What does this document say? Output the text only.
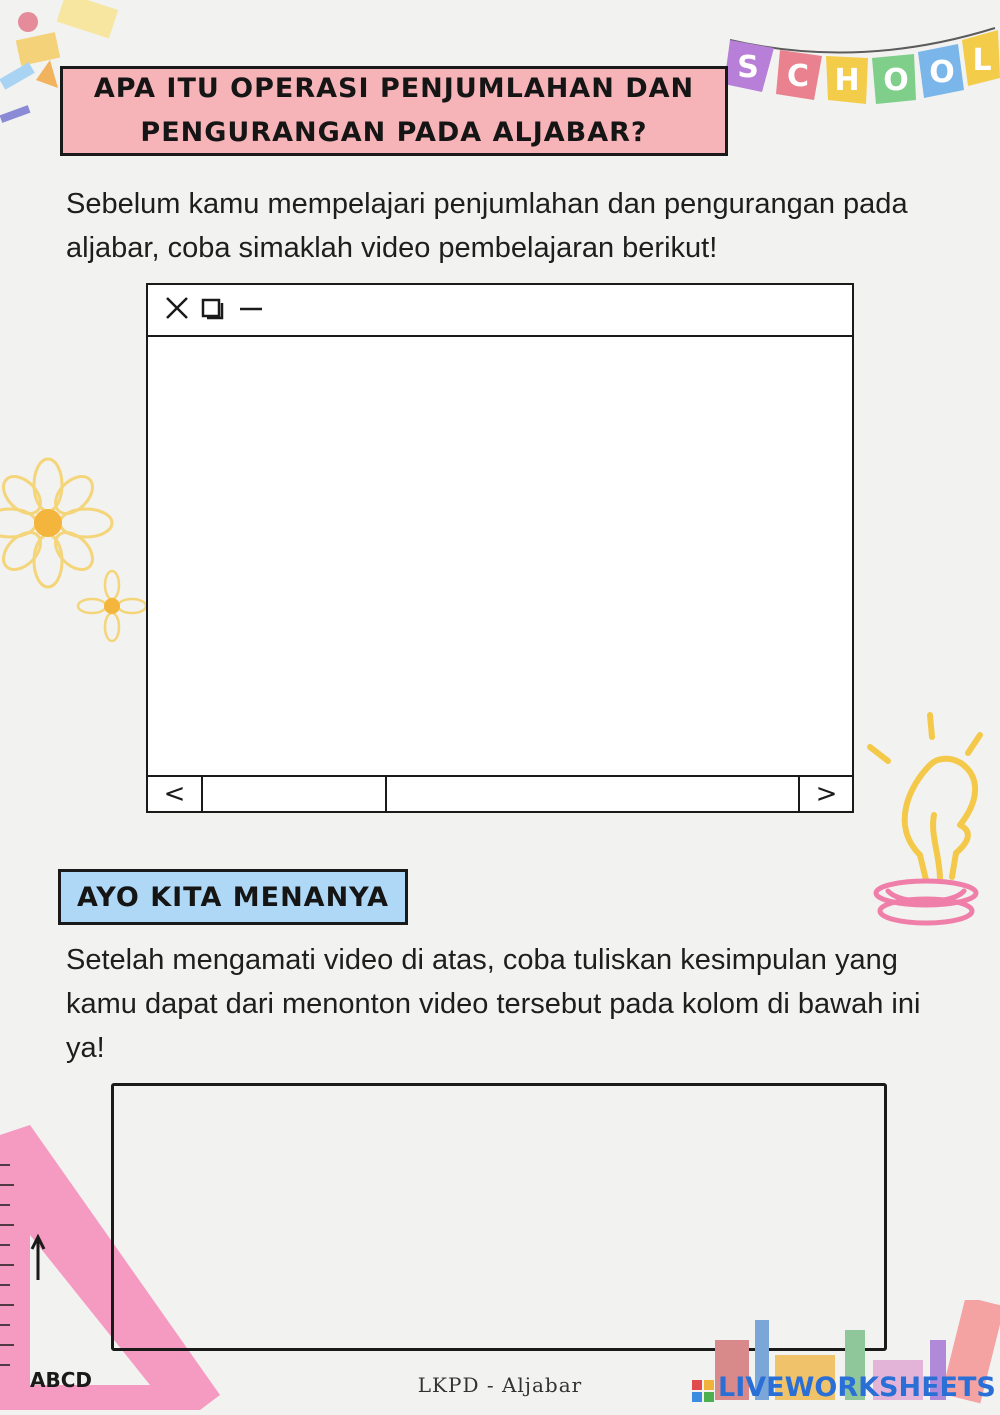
S C H O O L
APA ITU OPERASI PENJUMLAHAN DAN
PENGURANGAN PADA ALJABAR?
Sebelum kamu mempelajari penjumlahan dan pengurangan pada aljabar, coba simaklah video pembelajaran berikut!
<	>
AYO KITA MENANYA
Setelah mengamati video di atas, coba tuliskan kesimpulan yang kamu dapat dari menonton video tersebut pada kolom di bawah ini ya!
ABCD	LKPD - Aljabar	LIVEWORKSHEETS
